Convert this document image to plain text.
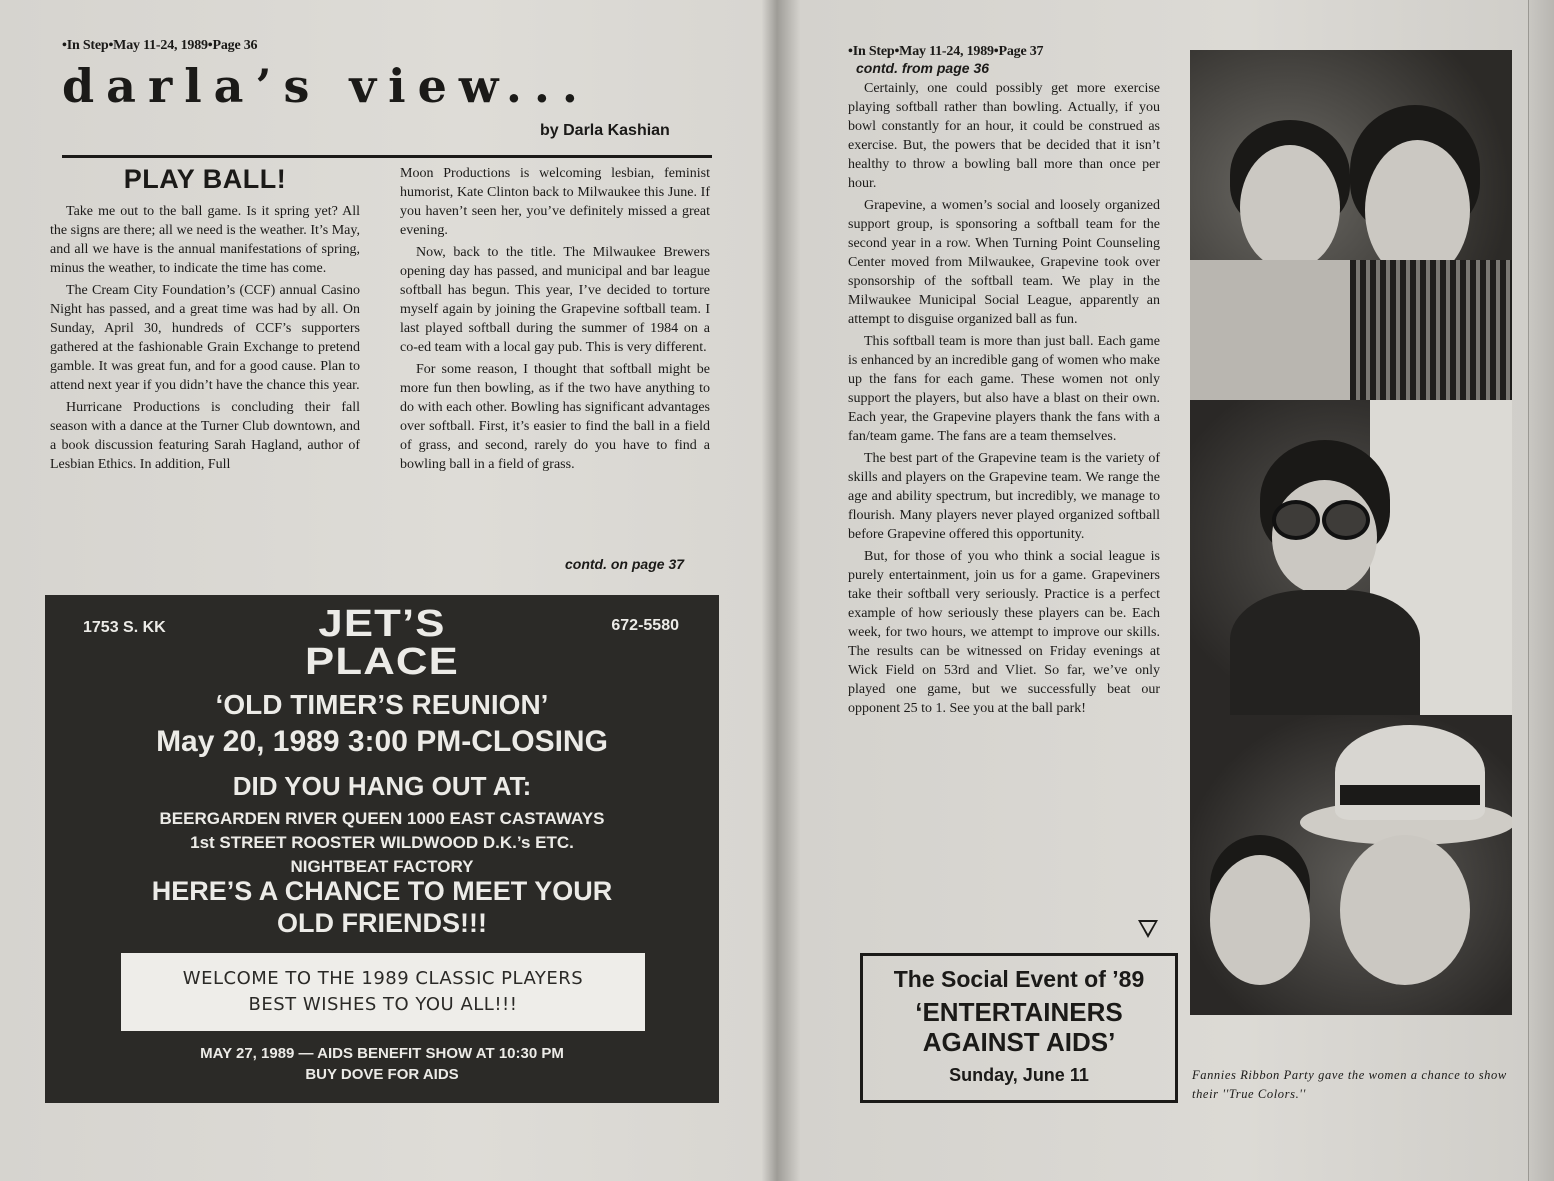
•In Step•May 11-24, 1989•Page 36
darla’s view...
by Darla Kashian
PLAY BALL!

Take me out to the ball game. Is it spring yet? All the signs are there; all we need is the weather. It’s May, and all we have is the annual manifestations of spring, minus the weather, to indicate the time has come.

The Cream City Foundation’s (CCF) annual Casino Night has passed, and a great time was had by all. On Sunday, April 30, hundreds of CCF’s supporters gathered at the fashionable Grain Exchange to pretend gamble. It was great fun, and for a good cause. Plan to attend next year if you didn’t have the chance this year.

Hurricane Productions is concluding their fall season with a dance at the Turner Club downtown, and a book discussion featuring Sarah Hagland, author of Lesbian Ethics. In addition, Full

Moon Productions is welcoming lesbian, feminist humorist, Kate Clinton back to Milwaukee this June. If you haven’t seen her, you’ve definitely missed a great evening.

Now, back to the title. The Milwaukee Brewers opening day has passed, and municipal and bar league softball has begun. This year, I’ve decided to torture myself again by joining the Grapevine softball team. I last played softball during the summer of 1984 on a co-ed team with a local gay pub. This is very different.

For some reason, I thought that softball might be more fun then bowling, as if the two have anything to do with each other. Bowling has significant advantages over softball. First, it’s easier to find the ball in a field of grass, and second, rarely do you have to find a bowling ball in a field of grass.

contd. on page 37
1753 S. KK	672-5580
JET’S
PLACE
‘OLD TIMER’S REUNION’
May 20, 1989 3:00 PM-CLOSING
DID YOU HANG OUT AT:
BEERGARDEN RIVER QUEEN 1000 EAST CASTAWAYS
1st STREET ROOSTER WILDWOOD D.K.’s ETC.
NIGHTBEAT FACTORY
HERE’S A CHANCE TO MEET YOUR
OLD FRIENDS!!!
WELCOME TO THE 1989 CLASSIC PLAYERS
BEST WISHES TO YOU ALL!!!
MAY 27, 1989 — AIDS BENEFIT SHOW AT 10:30 PM
BUY DOVE FOR AIDS
•In Step•May 11-24, 1989•Page 37
contd. from page 36

Certainly, one could possibly get more exercise playing softball rather than bowling. Actually, if you bowl constantly for an hour, it could be construed as exercise. But, the powers that be decided that it isn’t healthy to throw a bowling ball more than once per hour.

Grapevine, a women’s social and loosely organized support group, is sponsoring a softball team for the second year in a row. When Turning Point Counseling Center moved from Milwaukee, Grapevine took over sponsorship of the softball team. We play in the Milwaukee Municipal Social League, apparently an attempt to disguise organized ball as fun.

This softball team is more than just ball. Each game is enhanced by an incredible gang of women who make up the fans for each game. These women not only support the players, but also have a blast on their own. Each year, the Grapevine players thank the fans with a fan/team game. The fans are a team themselves.

The best part of the Grapevine team is the variety of skills and players on the Grapevine team. We range the age and ability spectrum, but incredibly, we manage to flourish. Many players never played organized softball before Grapevine offered this opportunity.

But, for those of you who think a social league is purely entertainment, join us for a game. Grapeviners take their softball very seriously. Practice is a perfect example of how seriously these players can be. Each week, for two hours, we attempt to improve our skills. The results can be witnessed on Friday evenings at Wick Field on 53rd and Vliet. So far, we’ve only played one game, but we successfully beat our opponent 25 to 1. See you at the ball park!

The Social Event of ’89
‘ENTERTAINERS
AGAINST AIDS’
Sunday, June 11	Fannies Ribbon Party gave the women a chance to show their ''True Colors.''
